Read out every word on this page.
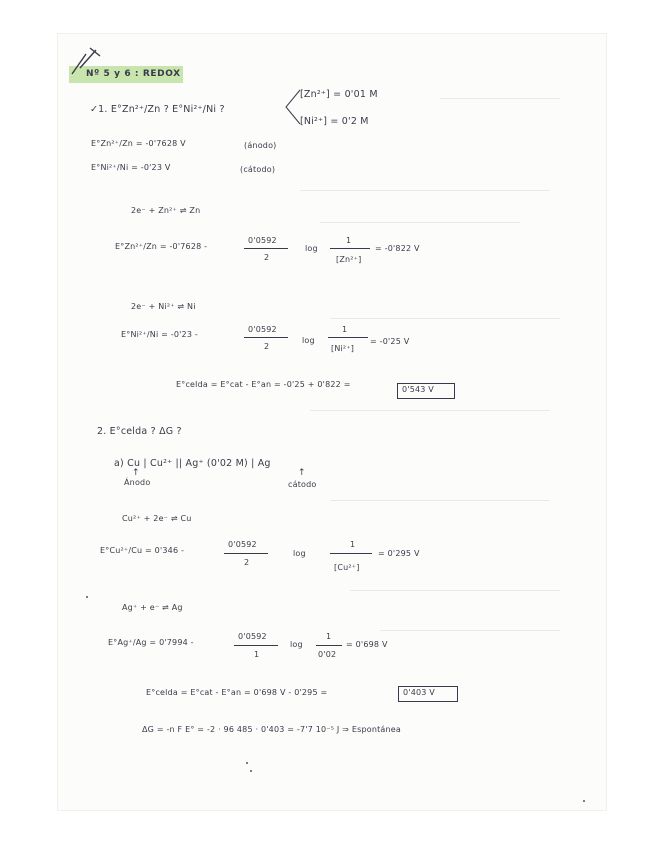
Nº 5 y 6 : REDOX
✓1. E°Zn²⁺/Zn ? E°Ni²⁺/Ni ?
[Zn²⁺] = 0'01 M
[Ni²⁺] = 0'2 M
E°Zn²⁺/Zn = -0'7628 V	(ánodo)
E°Ni²⁺/Ni = -0'23 V	(cátodo)
2e⁻ + Zn²⁺ ⇌ Zn
E°Zn²⁺/Zn = -0'7628 -
0'0592
2
log
1
[Zn²⁺]
= -0'822 V
2e⁻ + Ni²⁺ ⇌ Ni
E°Ni²⁺/Ni = -0'23 -
0'0592
2
log
1
[Ni²⁺]
= -0'25 V
E°celda = E°cat - E°an = -0'25 + 0'822 =
0'543 V
2. E°celda ? ΔG ?
a) Cu | Cu²⁺ || Ag⁺ (0'02 M) | Ag
↑
Ánodo
↑
cátodo
Cu²⁺ + 2e⁻ ⇌ Cu
E°Cu²⁺/Cu = 0'346 -
0'0592
2
log
1
[Cu²⁺]
= 0'295 V
Ag⁺ + e⁻ ⇌ Ag
E°Ag⁺/Ag = 0'7994 -
0'0592
1
log
1
0'02
= 0'698 V
E°celda = E°cat - E°an = 0'698 V - 0'295 =	0'403 V
ΔG = -n F E° = -2 · 96 485 · 0'403 = -7'7 10⁻⁵ J ⇒ Espontánea
